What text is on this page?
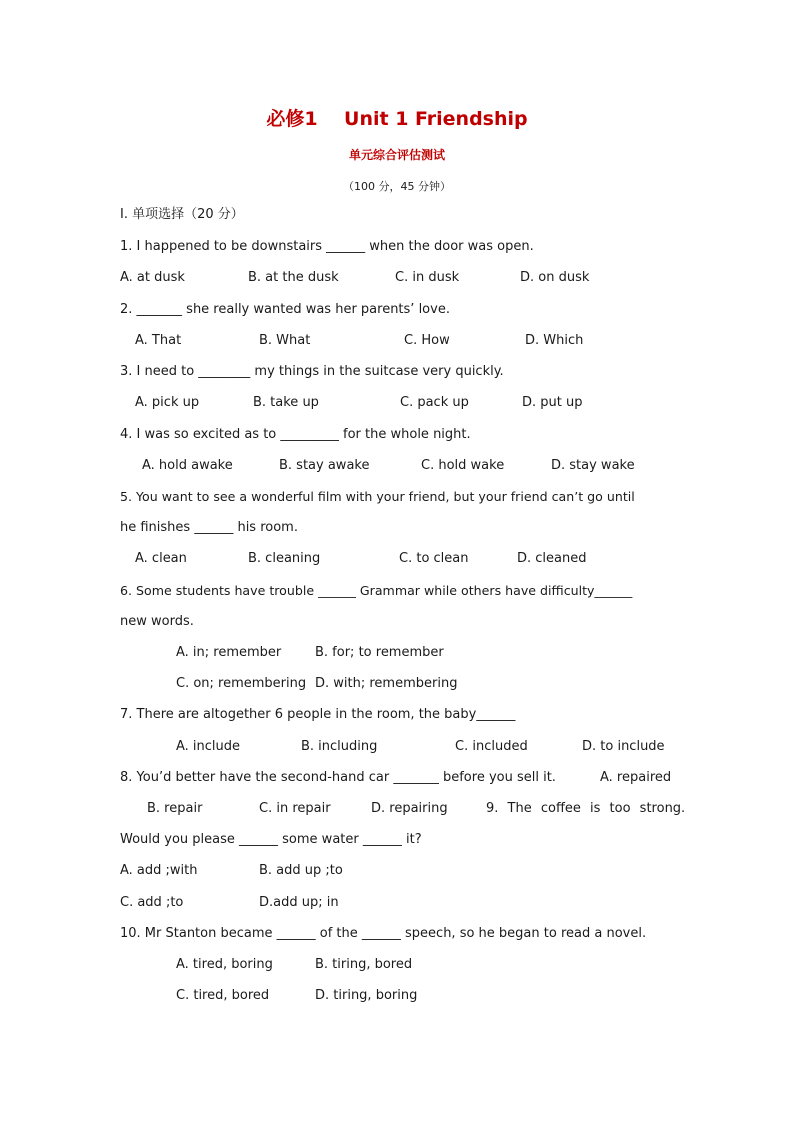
必修1    Unit 1 Friendship
单元综合评估测试
（100 分，45 分钟）
I. 单项选择（20 分）
1. I happened to be downstairs ______ when the door was open.
A. at dusk	B. at the dusk	C. in dusk	D. on dusk
2. _______ she really wanted was her parents’ love.
A. That	B. What	C. How	D. Which
3. I need to ________ my things in the suitcase very quickly.
A. pick up	B. take up	C. pack up	D. put up
4. I was so excited as to _________ for the whole night.
A. hold awake	B. stay awake	C. hold wake	D. stay wake
5. You want to see a wonderful film with your friend, but your friend can’t go until
he finishes ______ his room.
A. clean	B. cleaning	C. to clean	D. cleaned
6. Some students have trouble ______ Grammar while others have difficulty______
new words.
A. in; remember	B. for; to remember
C. on; remembering D. with; remembering
7. There are altogether 6 people in the room, the baby______
A. include	B. including	C. included	D. to include
8. You’d better have the second-hand car _______ before you sell it.	A. repaired
B. repair	C. in repair	D. repairing	9. The coffee is too strong.
Would you please ______ some water ______ it?
A. add ;with	B. add up ;to
C. add ;to	D.add up; in
10. Mr Stanton became ______ of the ______ speech, so he began to read a novel.
A. tired, boring	B. tiring, bored
C. tired, bored	D. tiring, boring
